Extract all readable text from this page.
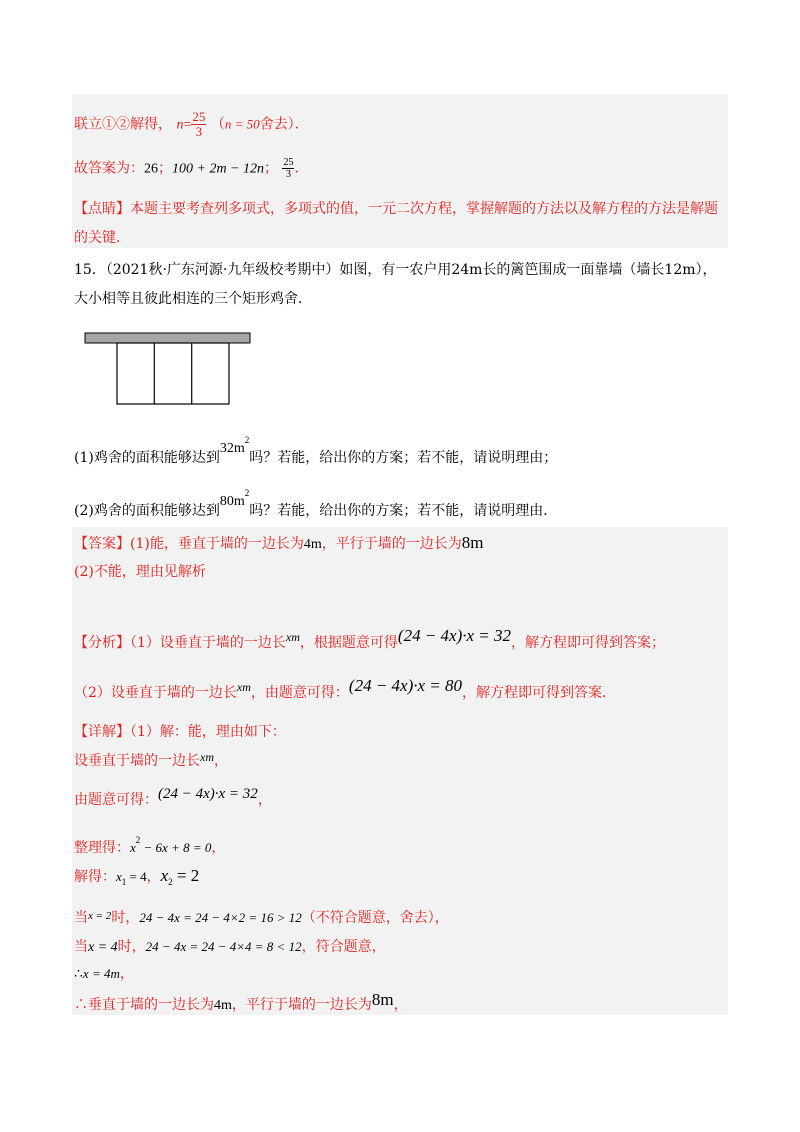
联立①②解得， $n= \frac{25}{3} (n = 50$舍去）．
故答案为：26；100 + 2m − 12n； $\frac{25}{3}$ ．
【点睛】本题主要考查列多项式，多项式的值，一元二次方程，掌握解题的方法以及解方程的方法是解题
的关键．
15．（2021秋·广东河源·九年级校考期中）如图，有一农户用24m长的篱笆围成一面靠墙（墙长12m），
大小相等且彼此相连的三个矩形鸡舍．
(1)鸡舍的面积能够达到$32m^2$吗？若能，给出你的方案；若不能，请说明理由；
(2)鸡舍的面积能够达到$80m^2$吗？若能，给出你的方案；若不能，请说明理由．
【答案】(1)能，垂直于墙的一边长为4m，平行于墙的一边长为8m
(2)不能，理由见解析
【分析】（1）设垂直于墙的一边长xm，根据题意可得(24 − 4x)·x = 32，解方程即可得到答案；
（2）设垂直于墙的一边长xm，由题意可得：(24 − 4x)·x = 80，解方程即可得到答案．
【详解】（1）解：能，理由如下：
设垂直于墙的一边长xm，
由题意可得：(24 − 4x)·x = 32，
整理得：$x^2 - 6x + 8 = 0$，
解得：$x_1 = 4$，$x_2 = 2$
当$^{x = 2}$时，24 − 4x = 24 − 4×2 = 16 > 12（不符合题意，舍去），
当x = 4时，24 − 4x = 24 − 4×4 = 8 < 12，符合题意，
∴x = 4m，
∴垂直于墙的一边长为4m，平行于墙的一边长为8m，
